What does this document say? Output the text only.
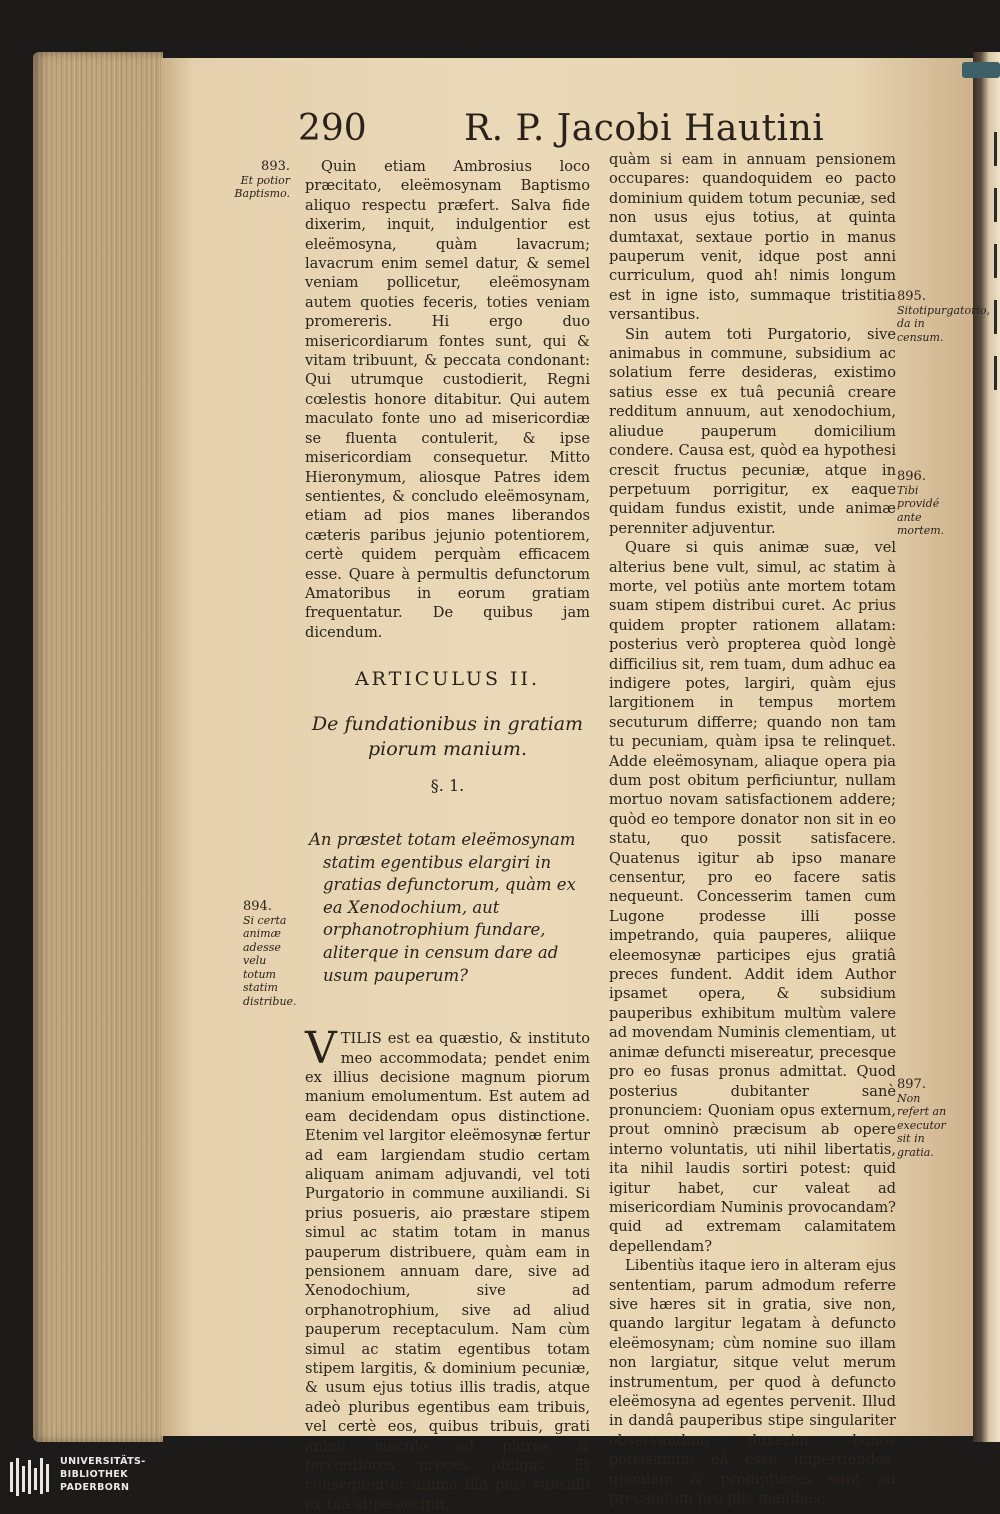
290	R. P. Jacobi Hautini
893.
Et potior Baptismo.
894.
Si certa animæ adesse velu totum statim distribue.
895.
Sitotipurgatorio, da in censum.
896.
Tibi providé ante mortem.
897.
Non refert an executor sit in gratia.

Quin etiam Ambrosius loco præcitato, eleëmosynam Baptismo aliquo respectu præfert. Salva fide dixerim, inquit, indulgentior est eleëmosyna, quàm lavacrum; lavacrum enim semel datur, & semel veniam pollicetur, eleëmosynam autem quoties feceris, toties veniam promereris. Hi ergo duo misericordiarum fontes sunt, qui & vitam tribuunt, & peccata condonant: Qui utrumque custodierit, Regni cœlestis honore ditabitur. Qui autem maculato fonte uno ad misericordiæ se fluenta contulerit, & ipse misericordiam consequetur. Mitto Hieronymum, aliosque Patres idem sentientes, & concludo eleëmosynam, etiam ad pios manes liberandos cæteris paribus jejunio potentiorem, certè quidem perquàm efficacem esse. Quare à permultis defunctorum Amatoribus in eorum gratiam frequentatur. De quibus jam dicendum.

ARTICULUS II.

De fundationibus in gratiam piorum manium.

§. 1.

An præstet totam eleëmosynam statim egentibus elargiri in gratias defunctorum, quàm ex ea Xenodochium, aut orphanotrophium fundare, aliterque in censum dare ad usum pauperum?

VTILIS est ea quæstio, & instituto meo accommodata; pendet enim ex illius decisione magnum piorum manium emolumentum. Est autem ad eam decidendam opus distinctione. Etenim vel largitor eleëmosynæ fertur ad eam largiendam studio certam aliquam animam adjuvandi, vel toti Purgatorio in commune auxiliandi. Si prius posueris, aio præstare stipem simul ac statim totam in manus pauperum distribuere, quàm eam in pensionem annuam dare, sive ad Xenodochium, sive ad orphanotrophium, sive ad aliud pauperum receptaculum. Nam cùm simul ac statim egentibus totam stipem largitis, & dominium pecuniæ, & usum ejus totius illis tradis, atque adeò pluribus egentibus eam tribuis, vel certè eos, quibus tribuis, grati animi vinculo ad plures & ferventiores preces obligas. Et consequenter anima illa plus subsidii ex tuâ stipe accipit,

quàm si eam in annuam pensionem occupares: quandoquidem eo pacto dominium quidem totum pecuniæ, sed non usus ejus totius, at quinta dumtaxat, sextaue portio in manus pauperum venit, idque post anni curriculum, quod ah! nimis longum est in igne isto, summaque tristitia versantibus.

Sin autem toti Purgatorio, sive animabus in commune, subsidium ac solatium ferre desideras, existimo satius esse ex tuâ pecuniâ creare redditum annuum, aut xenodochium, aliudue pauperum domicilium condere. Causa est, quòd ea hypothesi crescit fructus pecuniæ, atque in perpetuum porrigitur, ex eaque quidam fundus existit, unde animæ perenniter adjuventur.

Quare si quis animæ suæ, vel alterius bene vult, simul, ac statim à morte, vel potiùs ante mortem totam suam stipem distribui curet. Ac prius quidem propter rationem allatam: posterius verò propterea quòd longè difficilius sit, rem tuam, dum adhuc ea indigere potes, largiri, quàm ejus largitionem in tempus mortem secuturum differre; quando non tam tu pecuniam, quàm ipsa te relinquet. Adde eleëmosynam, aliaque opera pia dum post obitum perficiuntur, nullam mortuo novam satisfactionem addere; quòd eo tempore donator non sit in eo statu, quo possit satisfacere. Quatenus igitur ab ipso manare censentur, pro eo facere satis nequeunt. Concesserim tamen cum Lugone prodesse illi posse impetrando, quia pauperes, aliique eleemosynæ participes ejus gratiâ preces fundent. Addit idem Author ipsamet opera, & subsidium pauperibus exhibitum multùm valere ad movendam Numinis clementiam, ut animæ defuncti misereatur, precesque pro eo fusas pronus admittat. Quod posterius dubitanter sanè pronunciem: Quoniam opus externum, prout omninò præcisum ab opere interno voluntatis, uti nihil libertatis, ita nihil laudis sortiri potest: quid igitur habet, cur valeat ad misericordiam Numinis provocandam? quid ad extremam calamitatem depellendam?

Libentiùs itaque iero in alteram ejus sententiam, parum admodum referre sive hæres sit in gratia, sive non, quando largitur legatam à defuncto eleëmosynam; cùm nomine suo illam non largiatur, sitque velut merum instrumentum, per quod à defuncto eleëmosyna ad egentes pervenit. Illud in dandâ pauperibus stipe singulariter observandum duxerim, bonos potissimùm eâ esse impertiendos, quoniam & promptiores sunt ad precandum pro piis manibus,

UNIVERSITÄTS-
BIBLIOTHEK
PADERBORN
